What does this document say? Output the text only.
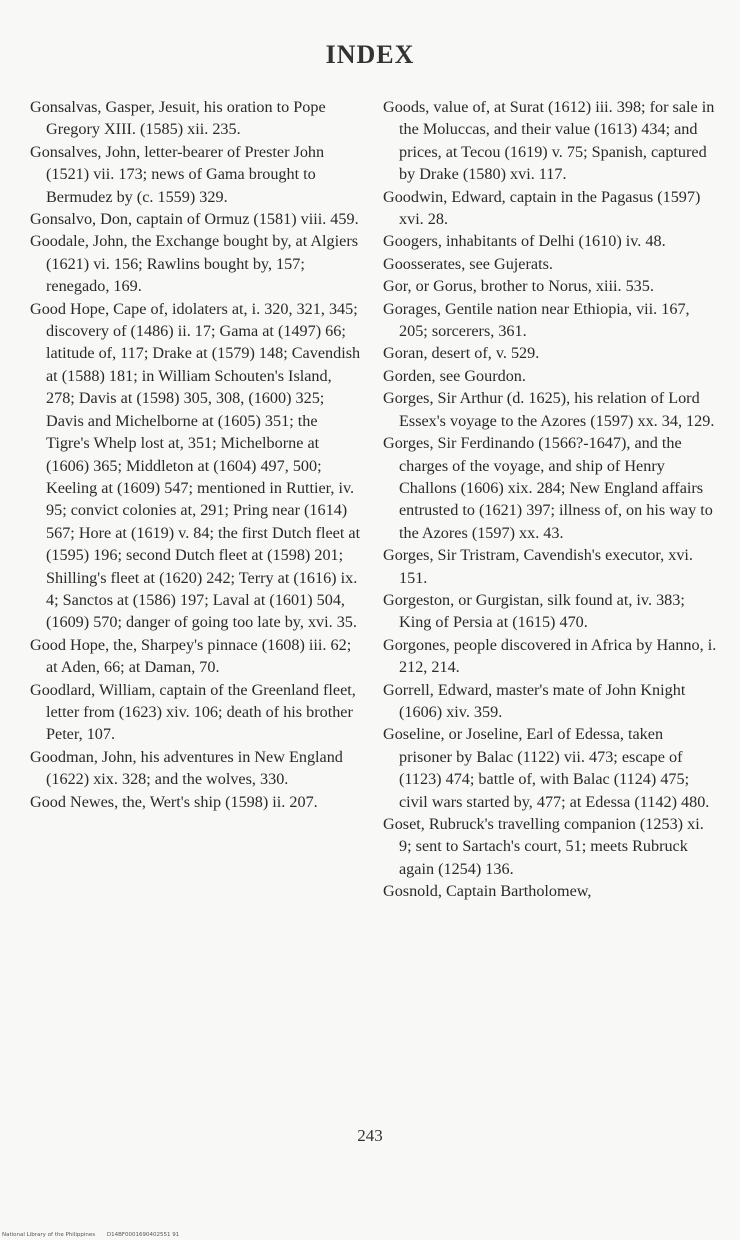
INDEX

Gonsalvas, Gasper, Jesuit, his oration to Pope Gregory XIII. (1585) xii. 235.

Gonsalves, John, letter-bearer of Prester John (1521) vii. 173; news of Gama brought to Bermudez by (c. 1559) 329.

Gonsalvo, Don, captain of Ormuz (1581) viii. 459.

Goodale, John, the Exchange bought by, at Algiers (1621) vi. 156; Rawlins bought by, 157; renegado, 169.

Good Hope, Cape of, idolaters at, i. 320, 321, 345; discovery of (1486) ii. 17; Gama at (1497) 66; latitude of, 117; Drake at (1579) 148; Cavendish at (1588) 181; in William Schouten's Island, 278; Davis at (1598) 305, 308, (1600) 325; Davis and Michelborne at (1605) 351; the Tigre's Whelp lost at, 351; Michelborne at (1606) 365; Middleton at (1604) 497, 500; Keeling at (1609) 547; mentioned in Ruttier, iv. 95; convict colonies at, 291; Pring near (1614) 567; Hore at (1619) v. 84; the first Dutch fleet at (1595) 196; second Dutch fleet at (1598) 201; Shilling's fleet at (1620) 242; Terry at (1616) ix. 4; Sanctos at (1586) 197; Laval at (1601) 504, (1609) 570; danger of going too late by, xvi. 35.

Good Hope, the, Sharpey's pinnace (1608) iii. 62; at Aden, 66; at Daman, 70.

Goodlard, William, captain of the Greenland fleet, letter from (1623) xiv. 106; death of his brother Peter, 107.

Goodman, John, his adventures in New England (1622) xix. 328; and the wolves, 330.

Good Newes, the, Wert's ship (1598) ii. 207.

Goods, value of, at Surat (1612) iii. 398; for sale in the Moluccas, and their value (1613) 434; and prices, at Tecou (1619) v. 75; Spanish, captured by Drake (1580) xvi. 117.

Goodwin, Edward, captain in the Pagasus (1597) xvi. 28.

Googers, inhabitants of Delhi (1610) iv. 48.

Goosserates, see Gujerats.

Gor, or Gorus, brother to Norus, xiii. 535.

Gorages, Gentile nation near Ethiopia, vii. 167, 205; sorcerers, 361.

Goran, desert of, v. 529.

Gorden, see Gourdon.

Gorges, Sir Arthur (d. 1625), his relation of Lord Essex's voyage to the Azores (1597) xx. 34, 129.

Gorges, Sir Ferdinando (1566?-1647), and the charges of the voyage, and ship of Henry Challons (1606) xix. 284; New England affairs entrusted to (1621) 397; illness of, on his way to the Azores (1597) xx. 43.

Gorges, Sir Tristram, Cavendish's executor, xvi. 151.

Gorgeston, or Gurgistan, silk found at, iv. 383; King of Persia at (1615) 470.

Gorgones, people discovered in Africa by Hanno, i. 212, 214.

Gorrell, Edward, master's mate of John Knight (1606) xiv. 359.

Goseline, or Joseline, Earl of Edessa, taken prisoner by Balac (1122) vii. 473; escape of (1123) 474; battle of, with Balac (1124) 475; civil wars started by, 477; at Edessa (1142) 480.

Goset, Rubruck's travelling companion (1253) xi. 9; sent to Sartach's court, 51; meets Rubruck again (1254) 136.

Gosnold, Captain Bartholomew,

243
National Library of the Philippines D14BF0001690402551 91
